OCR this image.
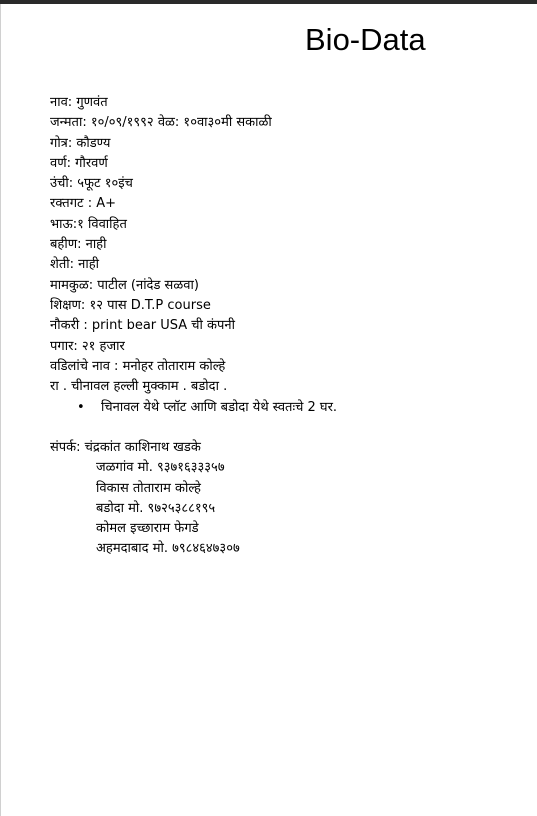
Bio-Data
नाव: गुणवंत
जन्मता: १०/०९/१९९२ वेळ: १०वा३०मी सकाळी
गोत्र: कौडण्य
वर्ण: गौरवर्ण
उंची: ५फूट १०इंच
रक्तगट : A+
भाऊ:१ विवाहित
बहीण: नाही
शेती: नाही
मामकुळ: पाटील (नांदेड सळवा)
शिक्षण: १२ पास D.T.P course
नौकरी : print bear USA ची कंपनी
पगार: २१ हजार
वडिलांचे नाव : मनोहर तोताराम कोल्हे
रा . चीनावल हल्ली मुक्काम . बडोदा .
• चिनावल येथे प्लॉट आणि बडोदा येथे स्वतःचे 2 घर.
संपर्क: चंद्रकांत काशिनाथ खडके
जळगांव मो. ९३७१६३३३५७
विकास तोताराम कोल्हे
बडोदा मो. ९७२५३८८१९५
कोमल इच्छाराम फेगडे
अहमदाबाद मो. ७९८४६४७३०७
